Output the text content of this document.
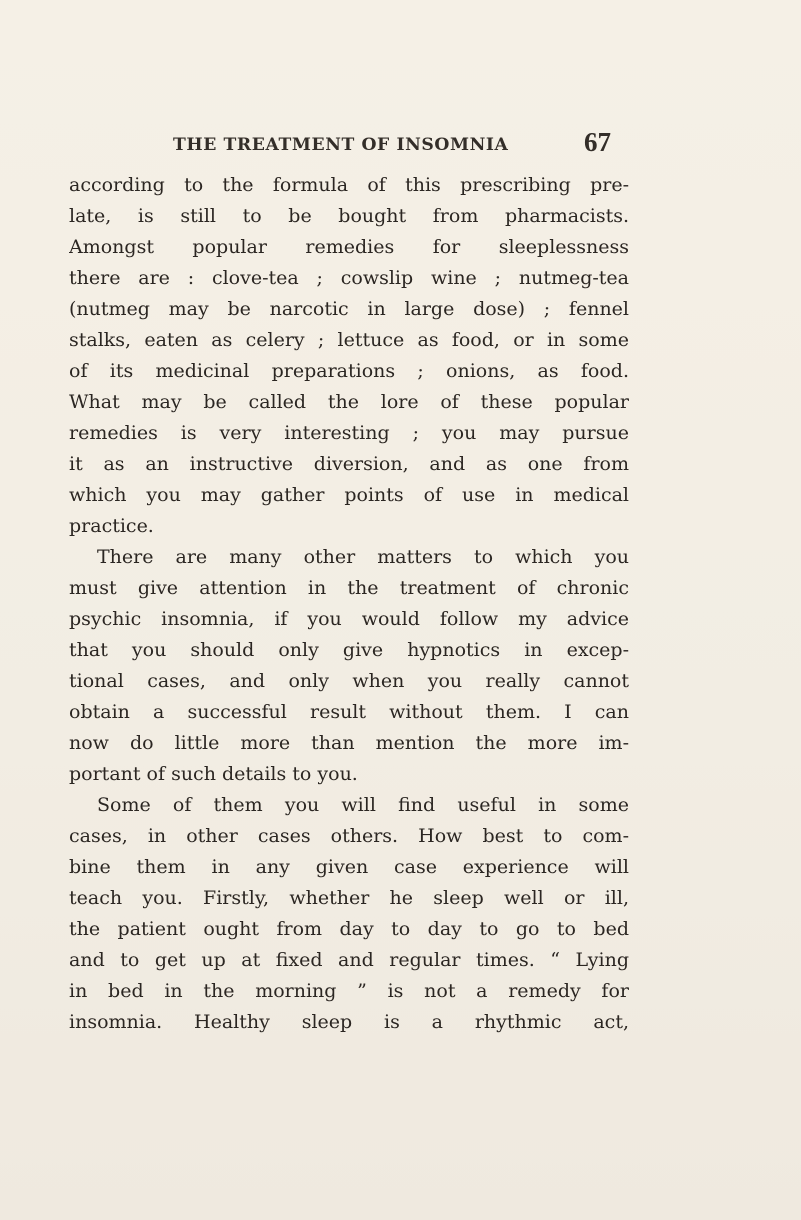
THE TREATMENT OF INSOMNIA	67
according to the formula of this prescribing pre-
late, is still to be bought from pharmacists.
Amongst popular remedies for sleeplessness
there are : clove-tea ; cowslip wine ; nutmeg-tea
(nutmeg may be narcotic in large dose) ; fennel
stalks, eaten as celery ; lettuce as food, or in some
of its medicinal preparations ; onions, as food.
What may be called the lore of these popular
remedies is very interesting ; you may pursue
it as an instructive diversion, and as one from
which you may gather points of use in medical
practice.
There are many other matters to which you
must give attention in the treatment of chronic
psychic insomnia, if you would follow my advice
that you should only give hypnotics in excep-
tional cases, and only when you really cannot
obtain a successful result without them. I can
now do little more than mention the more im-
portant of such details to you.
Some of them you will find useful in some
cases, in other cases others. How best to com-
bine them in any given case experience will
teach you. Firstly, whether he sleep well or ill,
the patient ought from day to day to go to bed
and to get up at fixed and regular times. “ Lying
in bed in the morning ” is not a remedy for
insomnia. Healthy sleep is a rhythmic act,
